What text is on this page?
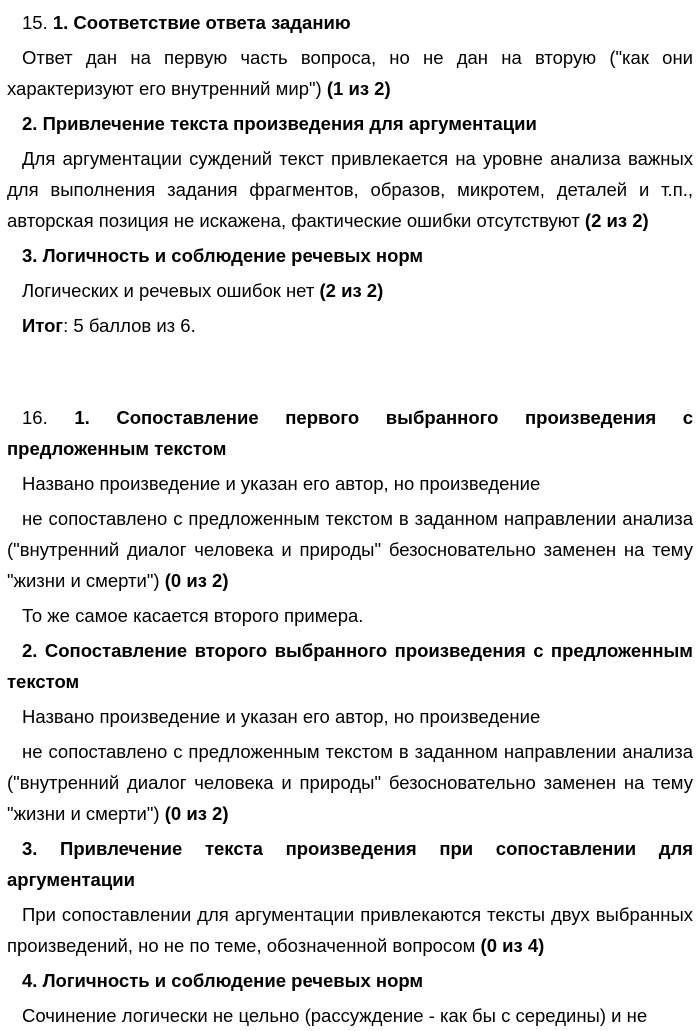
15. 1. Соответствие ответа заданию

Ответ дан на первую часть вопроса, но не дан на вторую ("как они характеризуют его внутренний мир") (1 из 2)

2. Привлечение текста произведения для аргументации

Для аргументации суждений текст привлекается на уровне анализа важных для выполнения задания фрагментов, образов, микротем, деталей и т.п., авторская позиция не искажена, фактические ошибки отсутствуют (2 из 2)

3. Логичность и соблюдение речевых норм

Логических и речевых ошибок нет (2 из 2)

Итог: 5 баллов из 6.

16. 1. Сопоставление первого выбранного произведения с предложенным текстом

Названо произведение и указан его автор, но произведение

не сопоставлено с предложенным текстом в заданном направлении анализа ("внутренний диалог человека и природы" безосновательно заменен на тему "жизни и смерти") (0 из 2)

То же самое касается второго примера.

2. Сопоставление второго выбранного произведения с предложенным текстом

Названо произведение и указан его автор, но произведение

не сопоставлено с предложенным текстом в заданном направлении анализа ("внутренний диалог человека и природы" безосновательно заменен на тему "жизни и смерти") (0 из 2)

3. Привлечение текста произведения при сопоставлении для аргументации

При сопоставлении для аргументации привлекаются тексты двух выбранных произведений, но не по теме, обозначенной вопросом (0 из 4)

4. Логичность и соблюдение речевых норм

Сочинение логически не цельно (рассуждение - как бы с середины) и не
